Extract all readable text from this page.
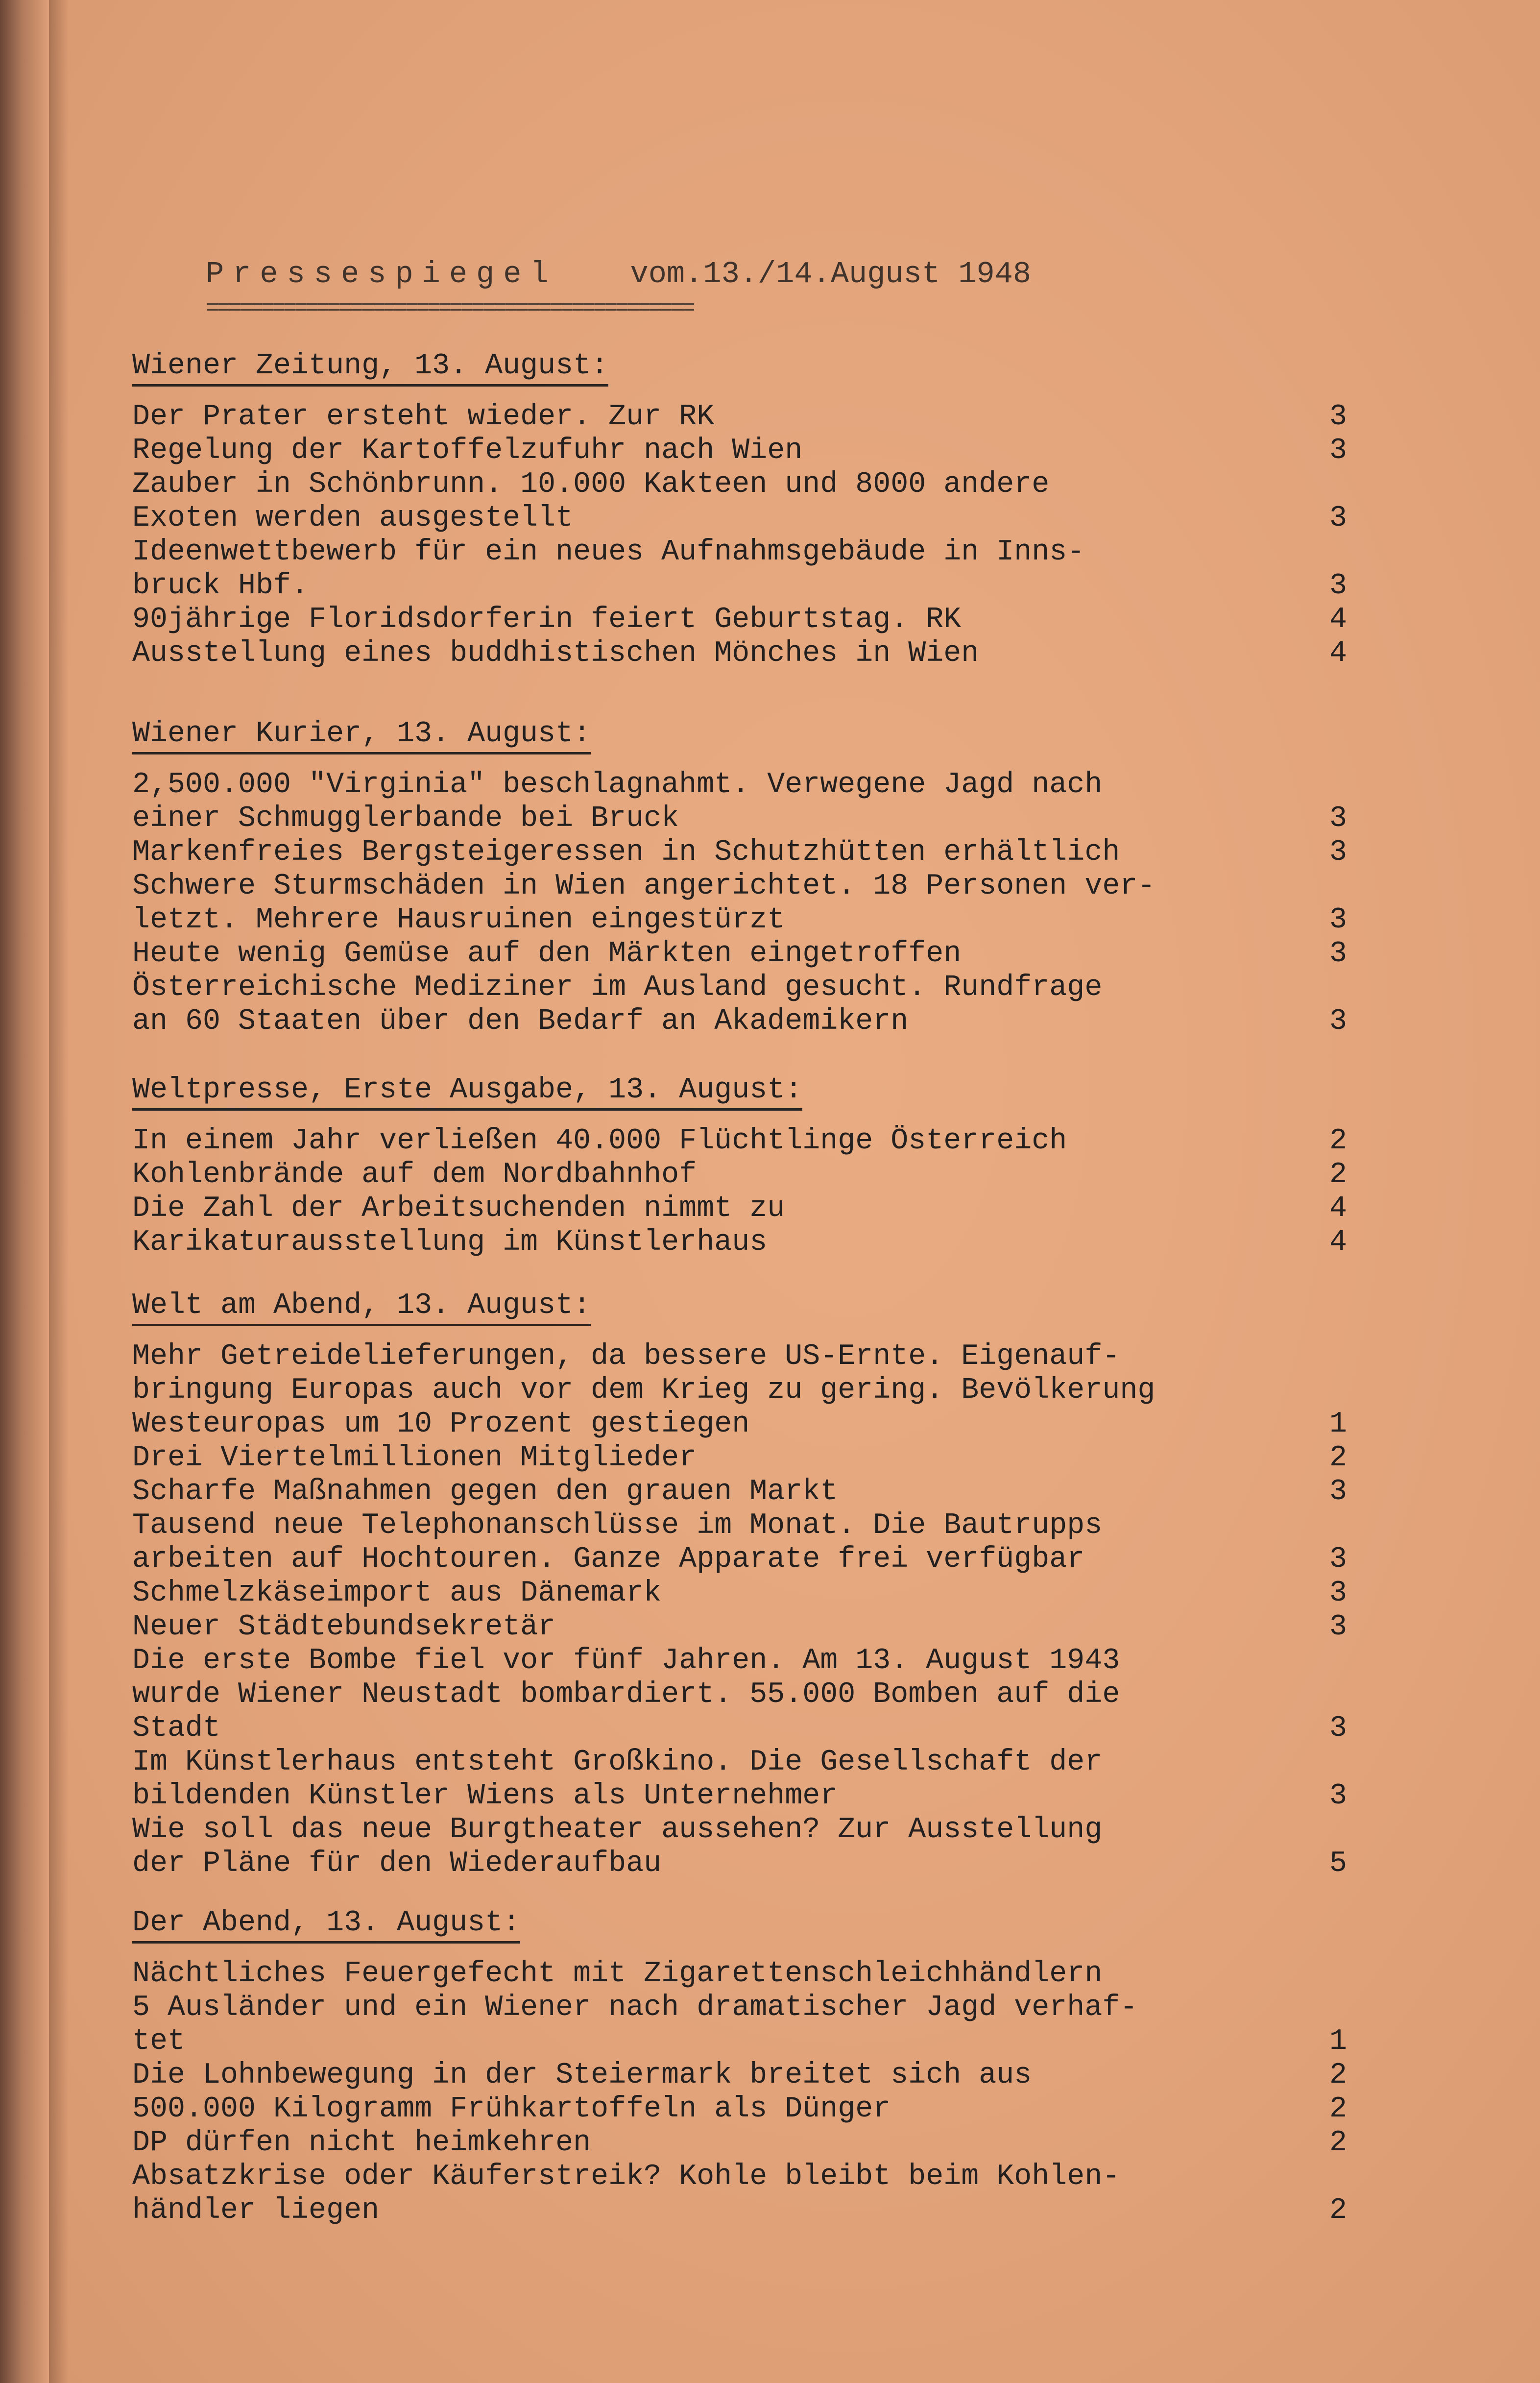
Pressespiegel vom.13./14.August 1948
============================================
Wiener Zeitung, 13. August:
Der Prater ersteht wieder. Zur RK	3
Regelung der Kartoffelzufuhr nach Wien	3
Zauber in Schönbrunn. 10.000 Kakteen und 8000 andere
Exoten werden ausgestellt	3
Ideenwettbewerb für ein neues Aufnahmsgebäude in Inns-
bruck Hbf.	3
90jährige Floridsdorferin feiert Geburtstag. RK	4
Ausstellung eines buddhistischen Mönches in Wien	4
Wiener Kurier, 13. August:
2,500.000 "Virginia" beschlagnahmt. Verwegene Jagd nach
einer Schmugglerbande bei Bruck	3
Markenfreies Bergsteigeressen in Schutzhütten erhältlich	3
Schwere Sturmschäden in Wien angerichtet. 18 Personen ver-
letzt. Mehrere Hausruinen eingestürzt	3
Heute wenig Gemüse auf den Märkten eingetroffen	3
Österreichische Mediziner im Ausland gesucht. Rundfrage
an 60 Staaten über den Bedarf an Akademikern	3
Weltpresse, Erste Ausgabe, 13. August:
In einem Jahr verließen 40.000 Flüchtlinge Österreich	2
Kohlenbrände auf dem Nordbahnhof	2
Die Zahl der Arbeitsuchenden nimmt zu	4
Karikaturausstellung im Künstlerhaus	4
Welt am Abend, 13. August:
Mehr Getreidelieferungen, da bessere US-Ernte. Eigenauf-
bringung Europas auch vor dem Krieg zu gering. Bevölkerung
Westeuropas um 10 Prozent gestiegen	1
Drei Viertelmillionen Mitglieder	2
Scharfe Maßnahmen gegen den grauen Markt	3
Tausend neue Telephonanschlüsse im Monat. Die Bautrupps
arbeiten auf Hochtouren. Ganze Apparate frei verfügbar	3
Schmelzkäseimport aus Dänemark	3
Neuer Städtebundsekretär	3
Die erste Bombe fiel vor fünf Jahren. Am 13. August 1943
wurde Wiener Neustadt bombardiert. 55.000 Bomben auf die
Stadt	3
Im Künstlerhaus entsteht Großkino. Die Gesellschaft der
bildenden Künstler Wiens als Unternehmer	3
Wie soll das neue Burgtheater aussehen? Zur Ausstellung
der Pläne für den Wiederaufbau	5
Der Abend, 13. August:
Nächtliches Feuergefecht mit Zigarettenschleichhändlern
5 Ausländer und ein Wiener nach dramatischer Jagd verhaf-
tet	1
Die Lohnbewegung in der Steiermark breitet sich aus	2
500.000 Kilogramm Frühkartoffeln als Dünger	2
DP dürfen nicht heimkehren	2
Absatzkrise oder Käuferstreik? Kohle bleibt beim Kohlen-
händler liegen	2
